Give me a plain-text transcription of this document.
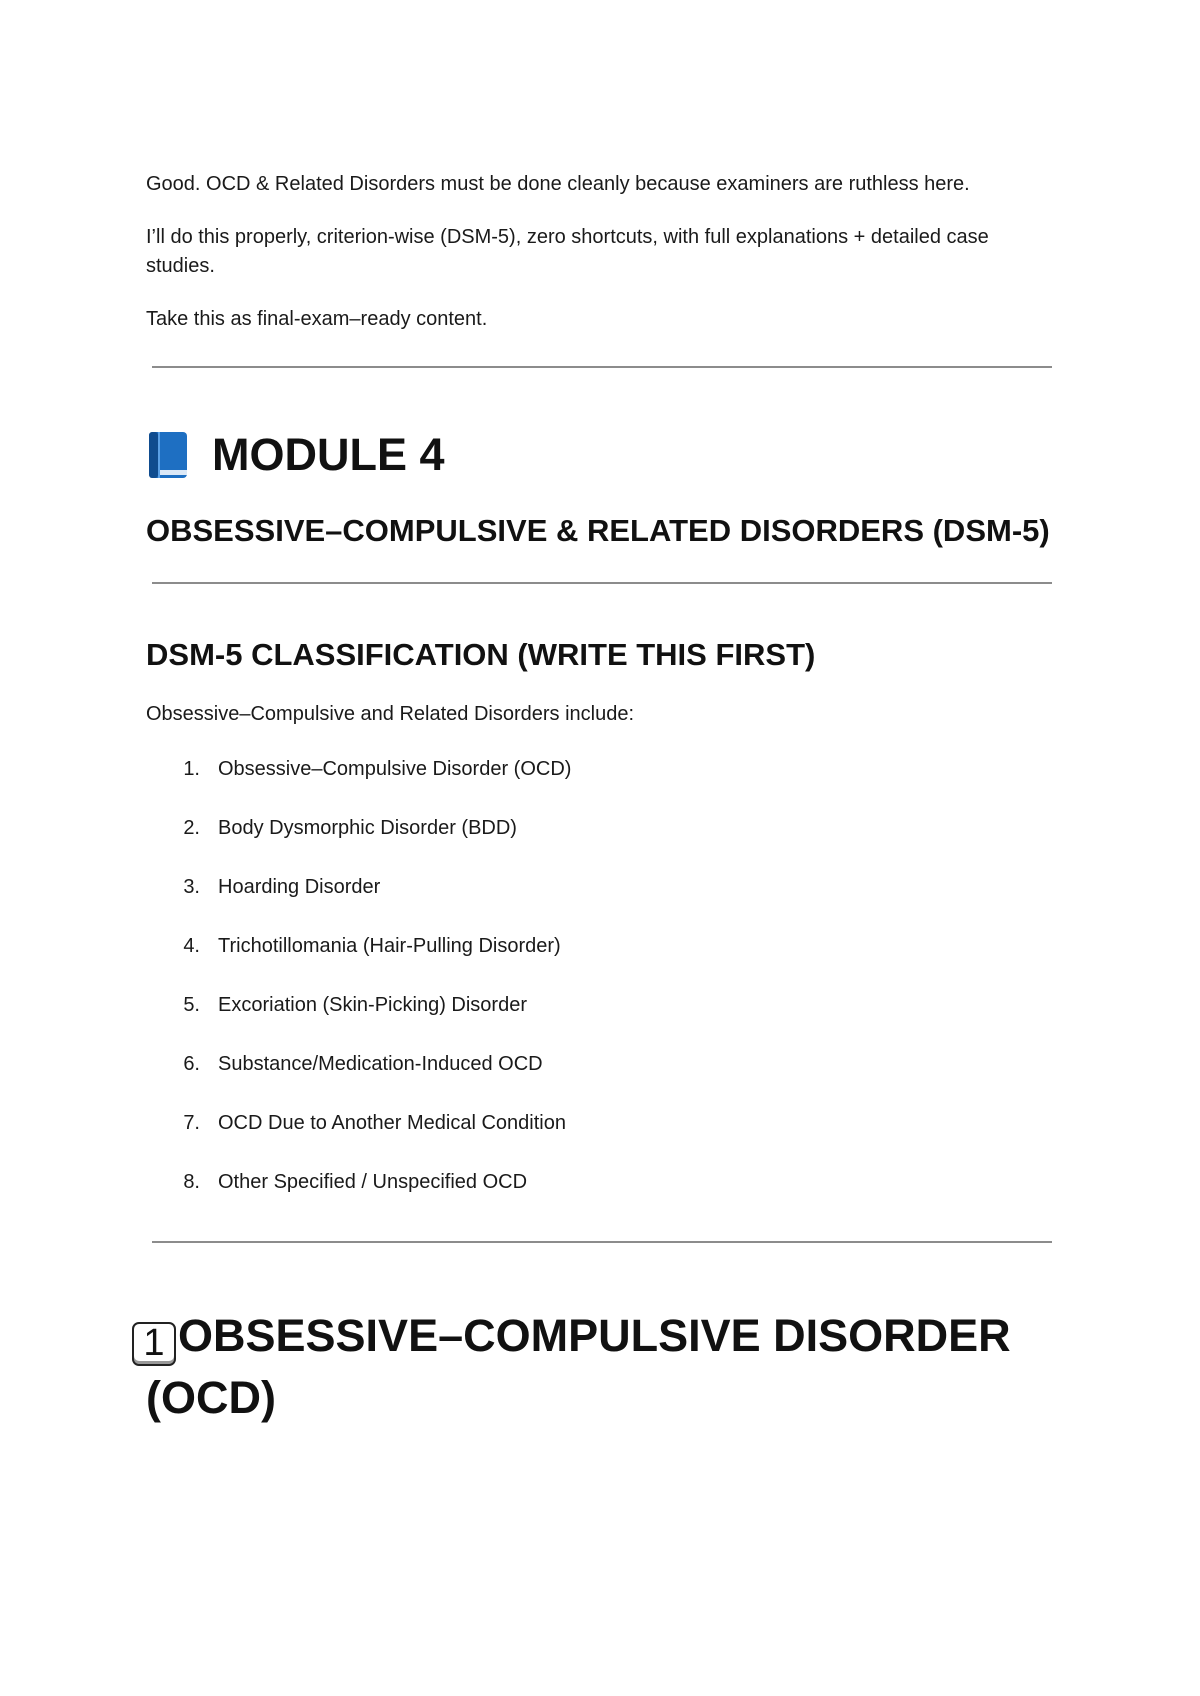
Good. OCD & Related Disorders must be done cleanly because examiners are ruthless here.

I’ll do this properly, criterion-wise (DSM-5), zero shortcuts, with full explanations + detailed case studies.

Take this as final-exam–ready content.

MODULE 4
OBSESSIVE–COMPULSIVE & RELATED DISORDERS (DSM-5)
DSM-5 CLASSIFICATION (WRITE THIS FIRST)

Obsessive–Compulsive and Related Disorders include:

1. Obsessive–Compulsive Disorder (OCD)
2. Body Dysmorphic Disorder (BDD)
3. Hoarding Disorder
4. Trichotillomania (Hair-Pulling Disorder)
5. Excoriation (Skin-Picking) Disorder
6. Substance/Medication-Induced OCD
7. OCD Due to Another Medical Condition
8. Other Specified / Unspecified OCD
1 OBSESSIVE–COMPULSIVE DISORDER
(OCD)
